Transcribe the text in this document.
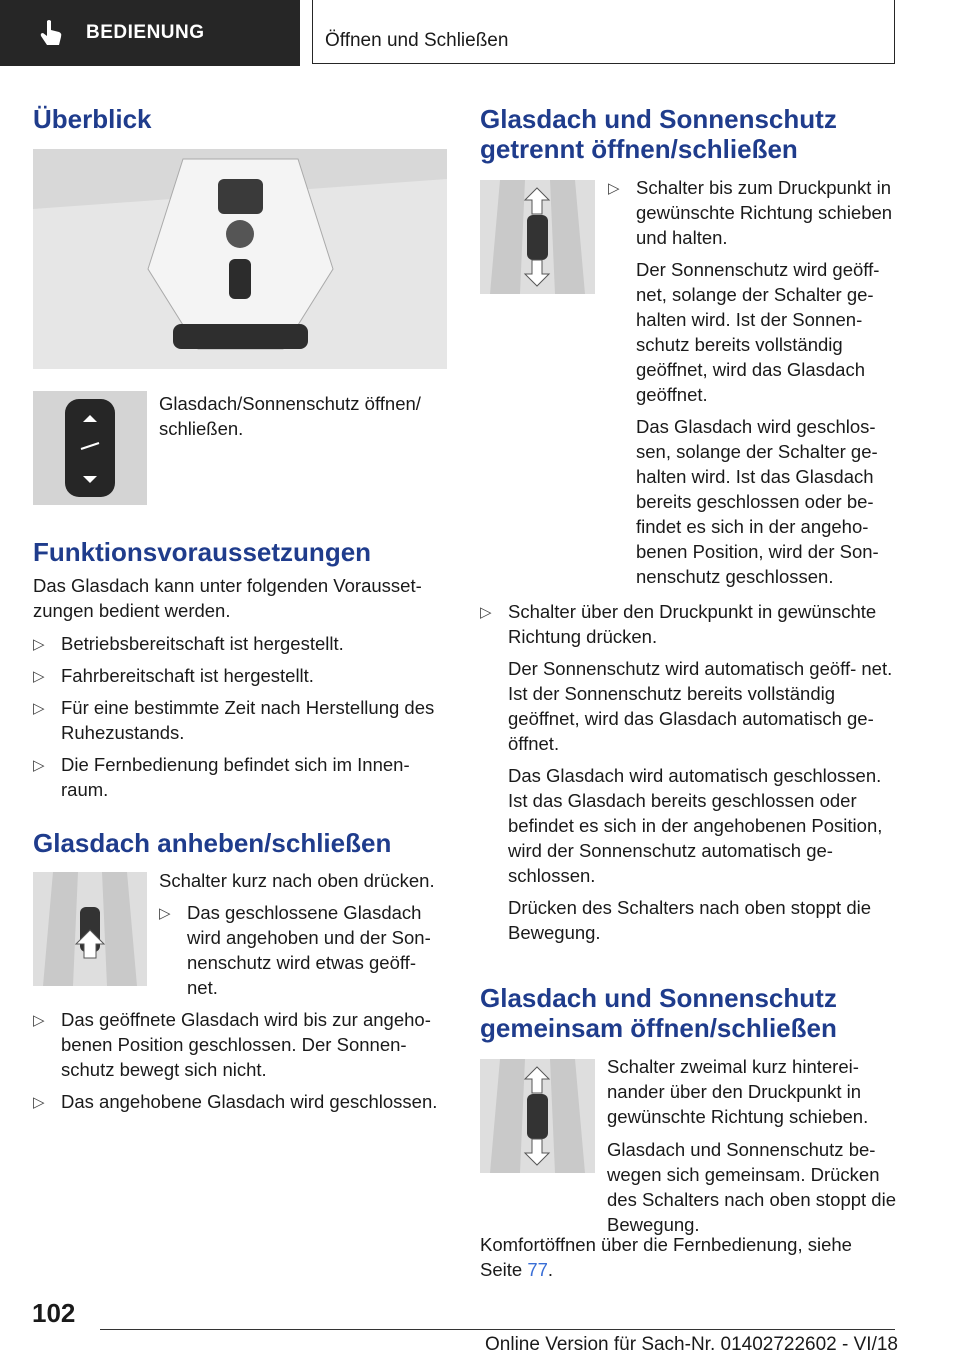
BEDIENUNG	Öffnen und Schließen
Überblick

Glasdach/Sonnenschutz öffnen/ schließen.

Funktionsvoraussetzungen

Das Glasdach kann unter folgenden Vorausset- zungen bedient werden.

▷ Betriebsbereitschaft ist hergestellt.

▷ Fahrbereitschaft ist hergestellt.

▷ Für eine bestimmte Zeit nach Herstellung des Ruhezustands.

▷ Die Fernbedienung befindet sich im Innen- raum.

Glasdach anheben/schließen

Schalter kurz nach oben drücken.

▷ Das geschlossene Glasdach wird angehoben und der Son- nenschutz wird etwas geöff- net.

▷ Das geöffnete Glasdach wird bis zur angeho- benen Position geschlossen. Der Sonnen- schutz bewegt sich nicht.

▷ Das angehobene Glasdach wird geschlossen.

Glasdach und Sonnenschutz getrennt öffnen/schließen

▷ Schalter bis zum Druckpunkt in gewünschte Richtung schieben und halten.

Der Sonnenschutz wird geöff- net, solange der Schalter ge- halten wird. Ist der Sonnen- schutz bereits vollständig geöffnet, wird das Glasdach geöffnet.

Das Glasdach wird geschlos- sen, solange der Schalter ge- halten wird. Ist das Glasdach bereits geschlossen oder be- findet es sich in der angeho- benen Position, wird der Son- nenschutz geschlossen.

▷ Schalter über den Druckpunkt in gewünschte Richtung drücken.

Der Sonnenschutz wird automatisch geöff- net. Ist der Sonnenschutz bereits vollständig geöffnet, wird das Glasdach automatisch ge- öffnet.

Das Glasdach wird automatisch geschlossen. Ist das Glasdach bereits geschlossen oder befindet es sich in der angehobenen Position, wird der Sonnenschutz automatisch ge- schlossen.

Drücken des Schalters nach oben stoppt die Bewegung.

Glasdach und Sonnenschutz gemeinsam öffnen/schließen

Schalter zweimal kurz hinterei- nander über den Druckpunkt in gewünschte Richtung schieben.

Glasdach und Sonnenschutz be- wegen sich gemeinsam. Drücken des Schalters nach oben stoppt die Bewegung.

Komfortöffnen über die Fernbedienung, siehe Seite 77.

102
Online Version für Sach-Nr. 01402722602 - VI/18
